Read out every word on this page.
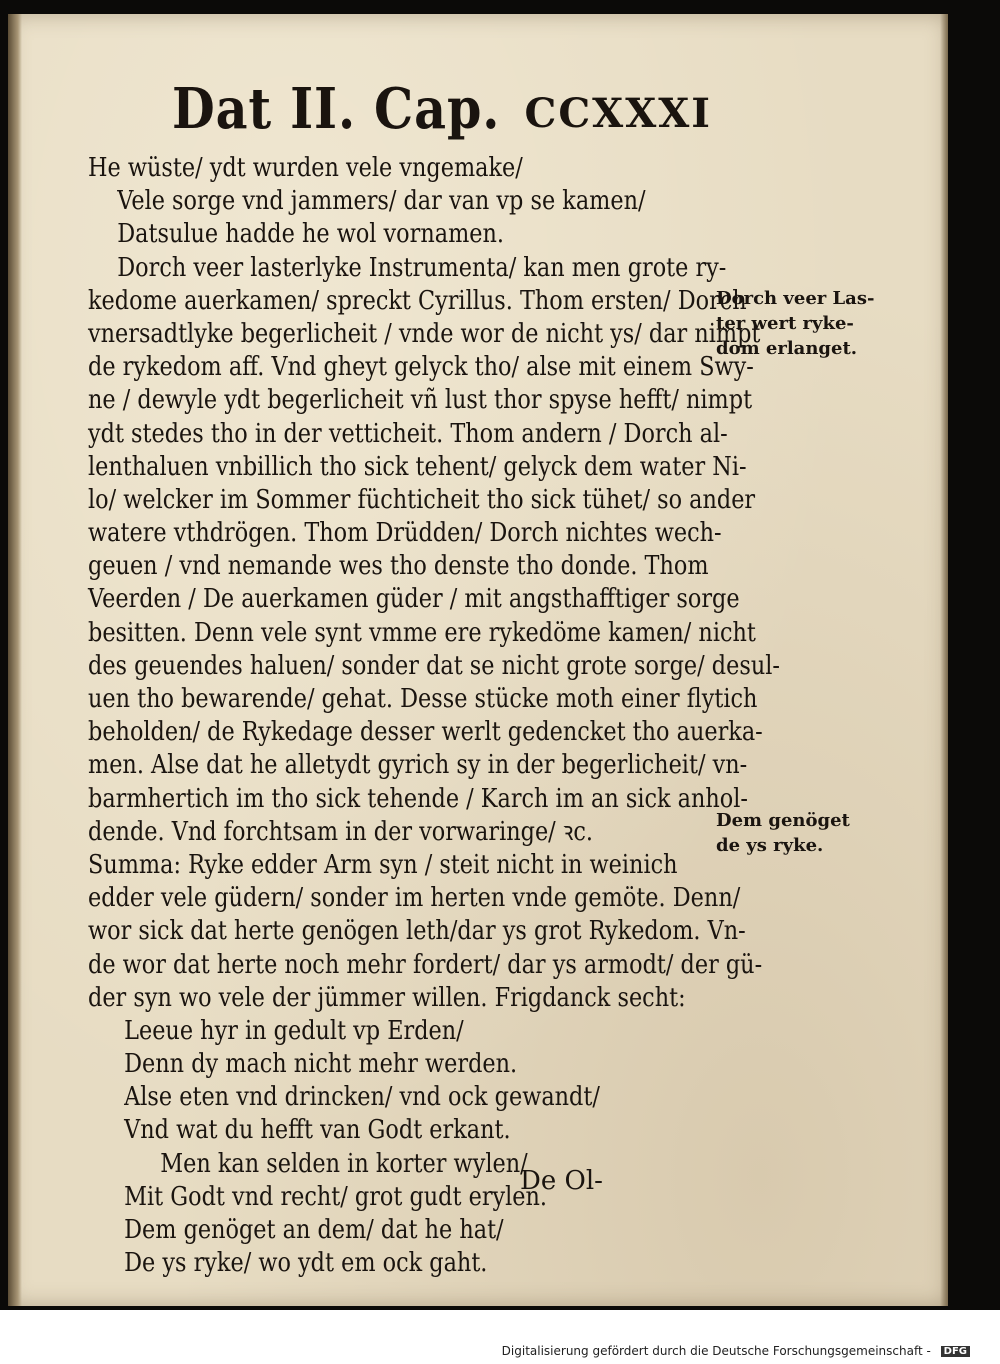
Dat II. Cap. CCXXXI
He wüste/ ydt wurden vele vngemake/
Vele sorge vnd jammers/ dar van vp se kamen/
Datsulue hadde he wol vornamen.
Dorch veer lasterlyke Instrumenta/ kan men grote ry-
kedome auerkamen/ spreckt Cyrillus. Thom ersten/ Dorch
vnersadtlyke begerlicheit / vnde wor de nicht ys/ dar nimpt
de rykedom aff. Vnd gheyt gelyck tho/ alse mit einem Swy-
ne / dewyle ydt begerlicheit vñ lust thor spyse hefft/ nimpt
ydt stedes tho in der vetticheit. Thom andern / Dorch al-
lenthaluen vnbillich tho sick tehent/ gelyck dem water Ni-
lo/ welcker im Sommer füchticheit tho sick tühet/ so ander
watere vthdrögen. Thom Drüdden/ Dorch nichtes wech-
geuen / vnd nemande wes tho denste tho donde. Thom
Veerden / De auerkamen güder / mit angsthafftiger sorge
besitten. Denn vele synt vmme ere rykedöme kamen/ nicht
des geuendes haluen/ sonder dat se nicht grote sorge/ desul-
uen tho bewarende/ gehat. Desse stücke moth einer flytich
beholden/ de Rykedage desser werlt gedencket tho auerka-
men. Alse dat he alletydt gyrich sy in der begerlicheit/ vn-
barmhertich im tho sick tehende / Karch im an sick anhol-
dende. Vnd forchtsam in der vorwaringe/ ꝛc.
Summa: Ryke edder Arm syn / steit nicht in weinich
edder vele güdern/ sonder im herten vnde gemöte. Denn/
wor sick dat herte genögen leth/dar ys grot Rykedom. Vn-
de wor dat herte noch mehr fordert/ dar ys armodt/ der gü-
der syn wo vele der jümmer willen. Frigdanck secht:
Leeue hyr in gedult vp Erden/
Denn dy mach nicht mehr werden.
Alse eten vnd drincken/ vnd ock gewandt/
Vnd wat du hefft van Godt erkant.
Men kan selden in korter wylen/
Mit Godt vnd recht/ grot gudt erylen.
Dem genöget an dem/ dat he hat/
De ys ryke/ wo ydt em ock gaht.
De Ol-
Dorch veer Las-
ter wert ryke-
dom erlanget.
Dem genöget
de ys ryke.
Digitalisierung gefördert durch die Deutsche Forschungsgemeinschaft - DFG
